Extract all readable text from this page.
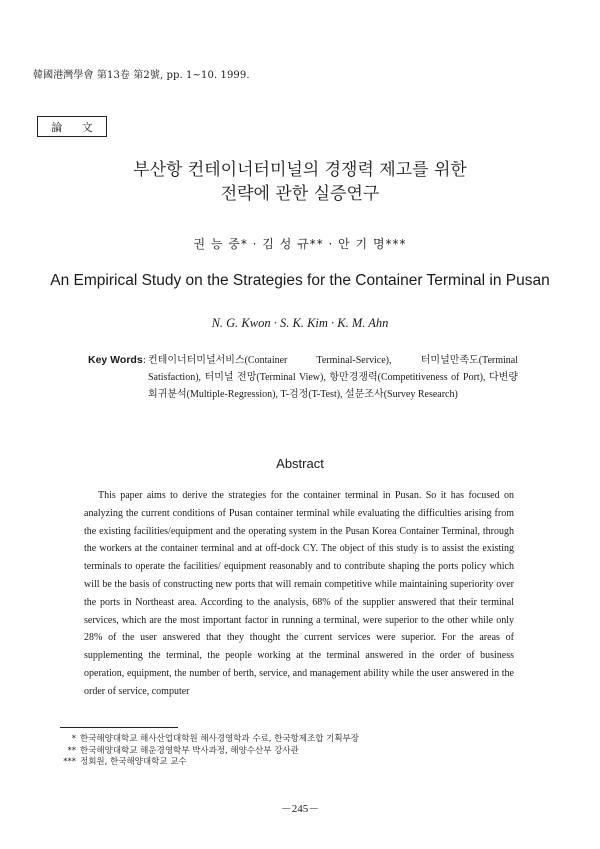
韓國港灣學會 第13卷 第2號, pp. 1~10. 1999.
論 文
부산항 컨테이너터미널의 경쟁력 제고를 위한
전략에 관한 실증연구
권 능 중* · 김 성 규** · 안 기 명***
An Empirical Study on the Strategies for the Container Terminal in Pusan
N. G. Kwon · S. K. Kim · K. M. Ahn
Key Words : 컨테이너터미널서비스(Container Terminal-Service), 터미널만족도(Terminal Satisfaction), 터미널 전망(Terminal View), 항만경쟁력(Competitiveness of Port), 다변량회귀분석(Multiple-Regression), T-검정(T-Test), 설문조사(Survey Research)
Abstract

This paper aims to derive the strategies for the container terminal in Pusan. So it has focused on analyzing the current conditions of Pusan container terminal while evaluating the difficulties arising from the existing facilities/equipment and the operating system in the Pusan Korea Container Terminal, through the workers at the container terminal and at off-dock CY. The object of this study is to assist the existing terminals to operate the facilities/ equipment reasonably and to contribute shaping the ports policy which will be the basis of constructing new ports that will remain competitive while maintaining superiority over the ports in Northeast area. According to the analysis, 68% of the supplier answered that their terminal services, which are the most important factor in running a terminal, were superior to the other while only 28% of the user answered that they thought the current services were superior. For the areas of supplementing the terminal, the people working at the terminal answered in the order of business operation, equipment, the number of berth, service, and management ability while the user answered in the order of service, computer

* 한국해양대학교 해사산업대학원 해사경영학과 수료, 한국항제조합 기획부장
** 한국해양대학교 해운경영학부 박사과정, 해양수산부 강사관
*** 정회원, 한국해양대학교 교수
－245－
